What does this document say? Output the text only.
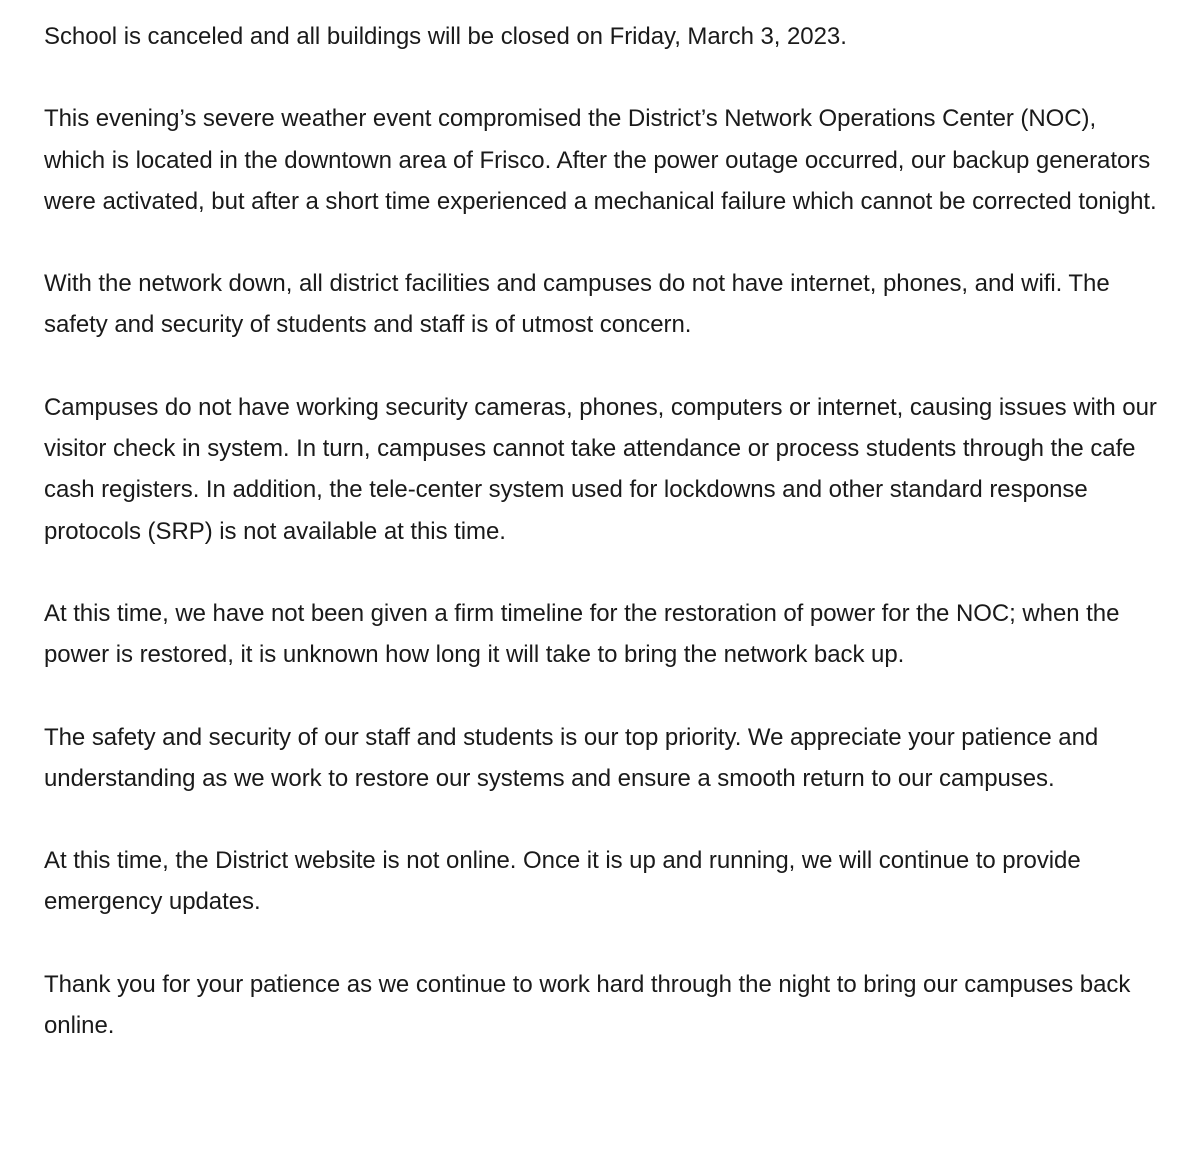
School is canceled and all buildings will be closed on Friday, March 3, 2023.

This evening’s severe weather event compromised the District’s Network Operations Center (NOC), which is located in the downtown area of Frisco. After the power outage occurred, our backup generators were activated, but after a short time experienced a mechanical failure which cannot be corrected tonight.

With the network down, all district facilities and campuses do not have internet, phones, and wifi. The safety and security of students and staff is of utmost concern.

Campuses do not have working security cameras, phones, computers or internet, causing issues with our visitor check in system. In turn, campuses cannot take attendance or process students through the cafe cash registers. In addition, the tele-center system used for lockdowns and other standard response protocols (SRP) is not available at this time.

At this time, we have not been given a firm timeline for the restoration of power for the NOC; when the power is restored, it is unknown how long it will take to bring the network back up.

The safety and security of our staff and students is our top priority. We appreciate your patience and understanding as we work to restore our systems and ensure a smooth return to our campuses.

At this time, the District website is not online. Once it is up and running, we will continue to provide emergency updates.

Thank you for your patience as we continue to work hard through the night to bring our campuses back online.
